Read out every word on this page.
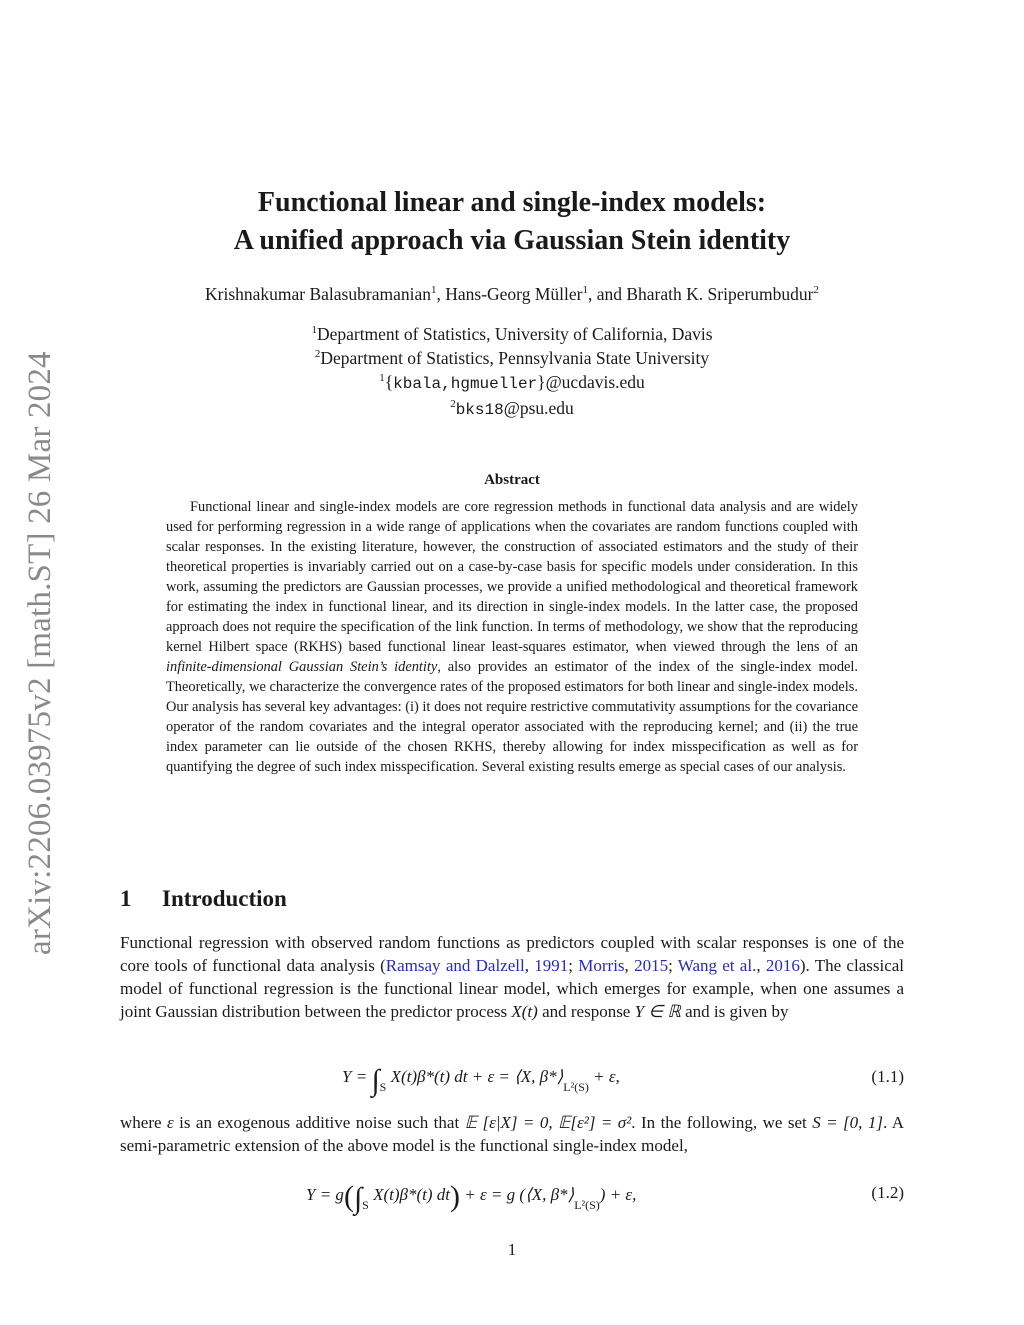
arXiv:2206.03975v2 [math.ST] 26 Mar 2024
Functional linear and single-index models:
A unified approach via Gaussian Stein identity
Krishnakumar Balasubramanian$^1$, Hans-Georg Müller$^1$, and Bharath K. Sriperumbudur$^2$
$^1$Department of Statistics, University of California, Davis
$^2$Department of Statistics, Pennsylvania State University
$^1${kbala,hgmueller}@ucdavis.edu
$^2$bks18@psu.edu
Abstract
Functional linear and single-index models are core regression methods in functional data analysis and are widely used for performing regression in a wide range of applications when the covariates are random functions coupled with scalar responses. In the existing literature, however, the construction of associated estimators and the study of their theoretical properties is invariably carried out on a case-by-case basis for specific models under consideration. In this work, assuming the predictors are Gaussian processes, we provide a unified methodological and theoretical framework for estimating the index in functional linear, and its direction in single-index models. In the latter case, the proposed approach does not require the specification of the link function. In terms of methodology, we show that the reproducing kernel Hilbert space (RKHS) based functional linear least-squares estimator, when viewed through the lens of an infinite-dimensional Gaussian Stein’s identity, also provides an estimator of the index of the single-index model. Theoretically, we characterize the convergence rates of the proposed estimators for both linear and single-index models. Our analysis has several key advantages: (i) it does not require restrictive commutativity assumptions for the covariance operator of the random covariates and the integral operator associated with the reproducing kernel; and (ii) the true index parameter can lie outside of the chosen RKHS, thereby allowing for index misspecification as well as for quantifying the degree of such index misspecification. Several existing results emerge as special cases of our analysis.
1 Introduction
Functional regression with observed random functions as predictors coupled with scalar responses is one of the core tools of functional data analysis (Ramsay and Dalzell, 1991; Morris, 2015; Wang et al., 2016). The classical model of functional regression is the functional linear model, which emerges for example, when one assumes a joint Gaussian distribution between the predictor process X(t) and response Y ∈ ℝ and is given by
$Y = \int_S$ X(t)β*(t) dt + ε = ⟨X, $\beta*⟩_{L^2(S)} + \varepsilon$,	(1.1)
where ε is an exogenous additive noise such that 𝔼 [ε|X] = 0, 𝔼[ε²] = σ². In the following, we set S = [0, 1]. A semi-parametric extension of the above model is the functional single-index model,
$Y = g(\int_S$ X(t)β*(t) dt) + ε = g (⟨X, $\beta*⟩_{L^2(S)}) + \varepsilon$,	(1.2)
1
